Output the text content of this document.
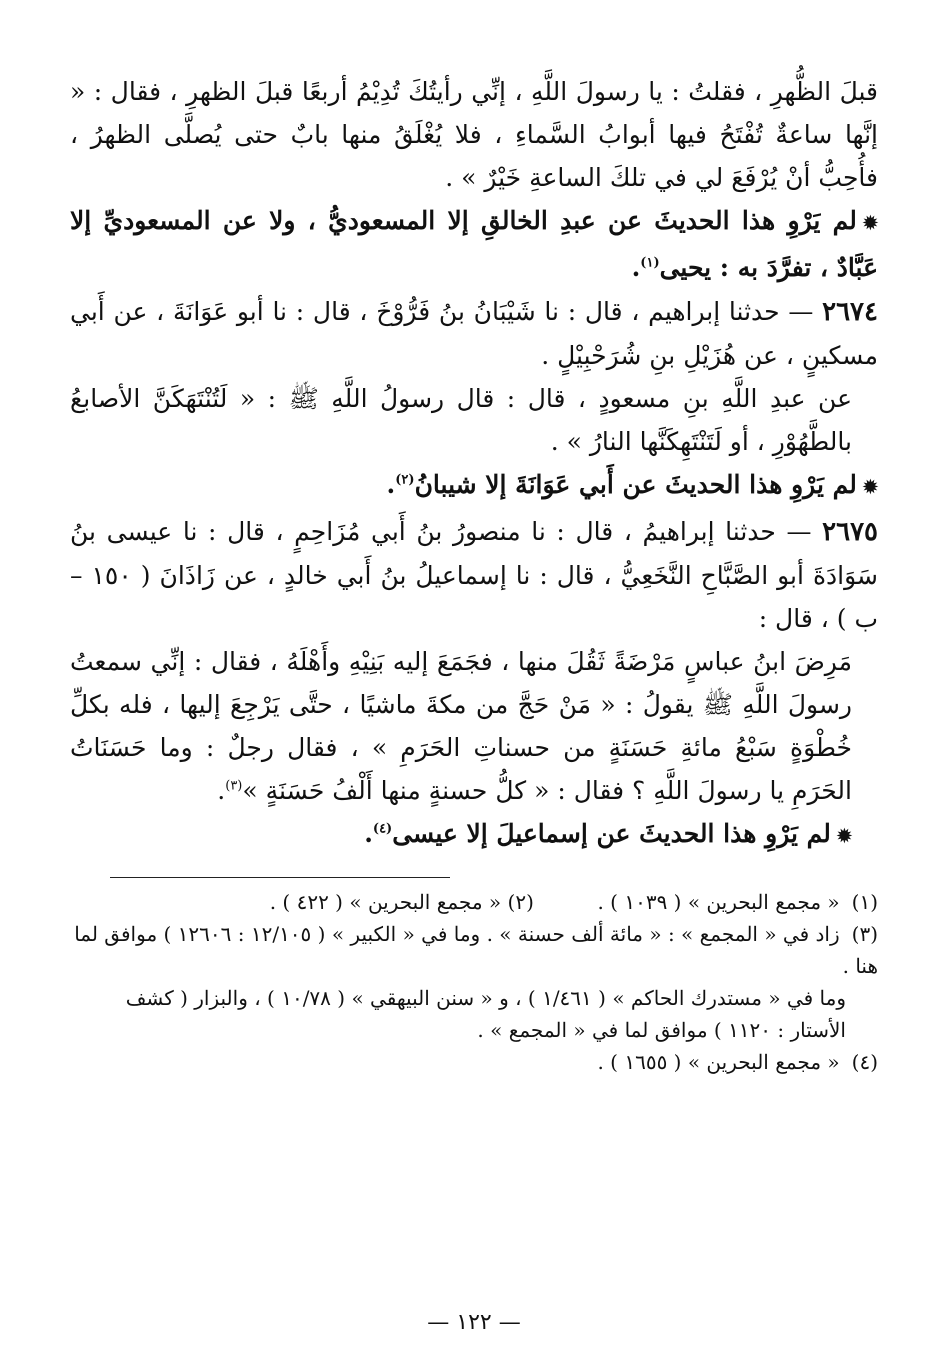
قبلَ الظُّهرِ ، فقلتُ : يا رسولَ اللَّهِ ، إنِّي رأيتُكَ تُدِيْمُ أربعًا قبلَ الظهرِ ، فقال : « إنَّها ساعةٌ تُفْتَحُ فيها أبوابُ السَّماءِ ، فلا يُغْلَقُ منها بابٌ حتى يُصلَّى الظهرُ ، فأُحِبُّ أنْ يُرْفَعَ لي في تلكَ الساعةِ خَيْرٌ » .

✹لم يَرْوِ هذا الحديثَ عن عبدِ الخالقِ إلا المسعوديُّ ، ولا عن المسعوديِّ إلا عَبَّادٌ ، تفرَّدَ به : يحيى$^{(١)}$.

٢٦٧٤ — حدثنا إبراهيم ، قال : نا شَيْبَانُ بنُ فَرُّوْخَ ، قال : نا أبو عَوَانَةَ ، عن أَبي مسكينٍ ، عن هُزَيْلِ بنِ شُرَحْبِيْلٍ .

عن عبدِ اللَّهِ بنِ مسعودٍ ، قال : قال رسولُ اللَّهِ ﷺ : « لَتُنْتَهَكَنَّ الأصابعُ بالطَّهُوْرِ ، أو لَتَنْتَهِكَنَّها النارُ » .

✹لم يَرْوِ هذا الحديثَ عن أَبي عَوَانَةَ إلا شيبانُ$^{(٢)}$.

٢٦٧٥ — حدثنا إبراهيمُ ، قال : نا منصورُ بنُ أَبي مُزَاحِمٍ ، قال : نا عيسى بنُ سَوَادَةَ أبو الصَّبَّاحِ النَّخَعِيُّ ، قال : نا إسماعيلُ بنُ أَبي خالدٍ ، عن زَاذَانَ ( ١٥٠ – ب ) ، قال :

مَرِضَ ابنُ عباسٍ مَرْضَةً ثَقُلَ منها ، فجَمَعَ إليه بَنِيْهِ وأَهْلَهُ ، فقال : إنِّي سمعتُ رسولَ اللَّهِ ﷺ يقولُ : « مَنْ حَجَّ من مكةَ ماشيًا ، حتَّى يَرْجِعَ إليها ، فله بكلِّ خُطْوَةٍ سَبْعُ مائةِ حَسَنَةٍ من حسناتِ الحَرَمِ » ، فقال رجلٌ : وما حَسَنَاتُ الحَرَمِ يا رسولَ اللَّهِ ؟ فقال : « كلُّ حسنةٍ منها أَلْفُ حَسَنَةٍ »$^{(٣)}$.

✹لم يَرْوِ هذا الحديثَ عن إسماعيلَ إلا عيسى$^{(٤)}$.

(١) « مجمع البحرين » ( ١٠٣٩ ) .          (٢) « مجمع البحرين » ( ٤٢٢ ) .

(٣) زاد في « المجمع » : « مائة ألف حسنة » . وما في « الكبير » ( ١٢/١٠٥ : ١٢٦٠٦ ) موافق لما هنا .

وما في « مستدرك الحاكم » ( ١/٤٦١ ) ، و « سنن البيهقي » ( ١٠/٧٨ ) ، والبزار ( كشف الأستار : ١١٢٠ ) موافق لما في « المجمع » .

(٤) « مجمع البحرين » ( ١٦٥٥ ) .

— ١٢٢ —
